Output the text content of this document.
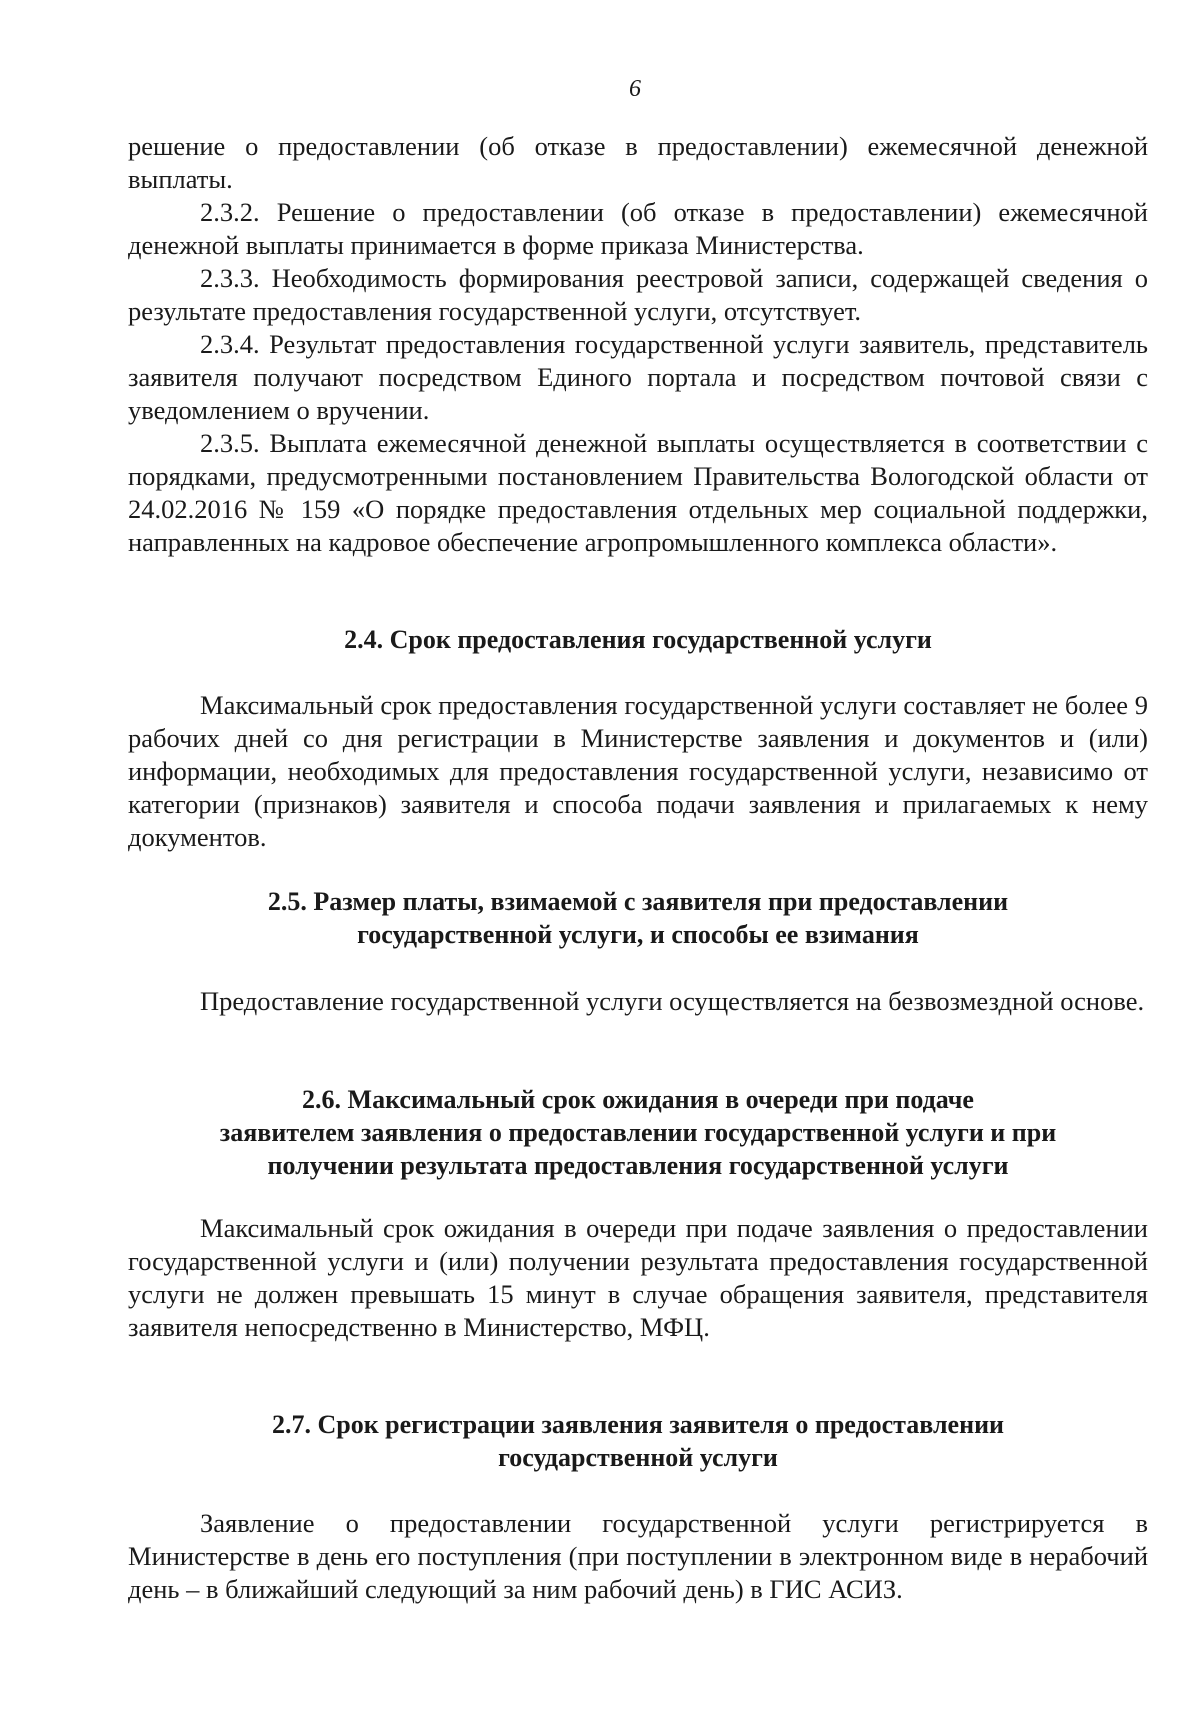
6

решение о предоставлении (об отказе в предоставлении) ежемесячной денежной выплаты.

2.3.2. Решение о предоставлении (об отказе в предоставлении) ежемесячной денежной выплаты принимается в форме приказа Министерства.

2.3.3. Необходимость формирования реестровой записи, содержащей сведения о результате предоставления государственной услуги, отсутствует.

2.3.4. Результат предоставления государственной услуги заявитель, представитель заявителя получают посредством Единого портала и посредством почтовой связи с уведомлением о вручении.

2.3.5. Выплата ежемесячной денежной выплаты осуществляется в соответствии с порядками, предусмотренными постановлением Правительства Вологодской области от 24.02.2016 № 159 «О порядке предоставления отдельных мер социальной поддержки, направленных на кадровое обеспечение агропромышленного комплекса области».

2.4. Срок предоставления государственной услуги

Максимальный срок предоставления государственной услуги составляет не более 9 рабочих дней со дня регистрации в Министерстве заявления и документов и (или) информации, необходимых для предоставления государственной услуги, независимо от категории (признаков) заявителя и способа подачи заявления и прилагаемых к нему документов.

2.5. Размер платы, взимаемой с заявителя при предоставлении
государственной услуги, и способы ее взимания

Предоставление государственной услуги осуществляется на безвозмездной основе.

2.6. Максимальный срок ожидания в очереди при подаче
заявителем заявления о предоставлении государственной услуги и при
получении результата предоставления государственной услуги

Максимальный срок ожидания в очереди при подаче заявления о предоставлении государственной услуги и (или) получении результата предоставления государственной услуги не должен превышать 15 минут в случае обращения заявителя, представителя заявителя непосредственно в Министерство, МФЦ.

2.7. Срок регистрации заявления заявителя о предоставлении
государственной услуги

Заявление о предоставлении государственной услуги регистрируется в Министерстве в день его поступления (при поступлении в электронном виде в нерабочий день – в ближайший следующий за ним рабочий день) в ГИС АСИЗ.
